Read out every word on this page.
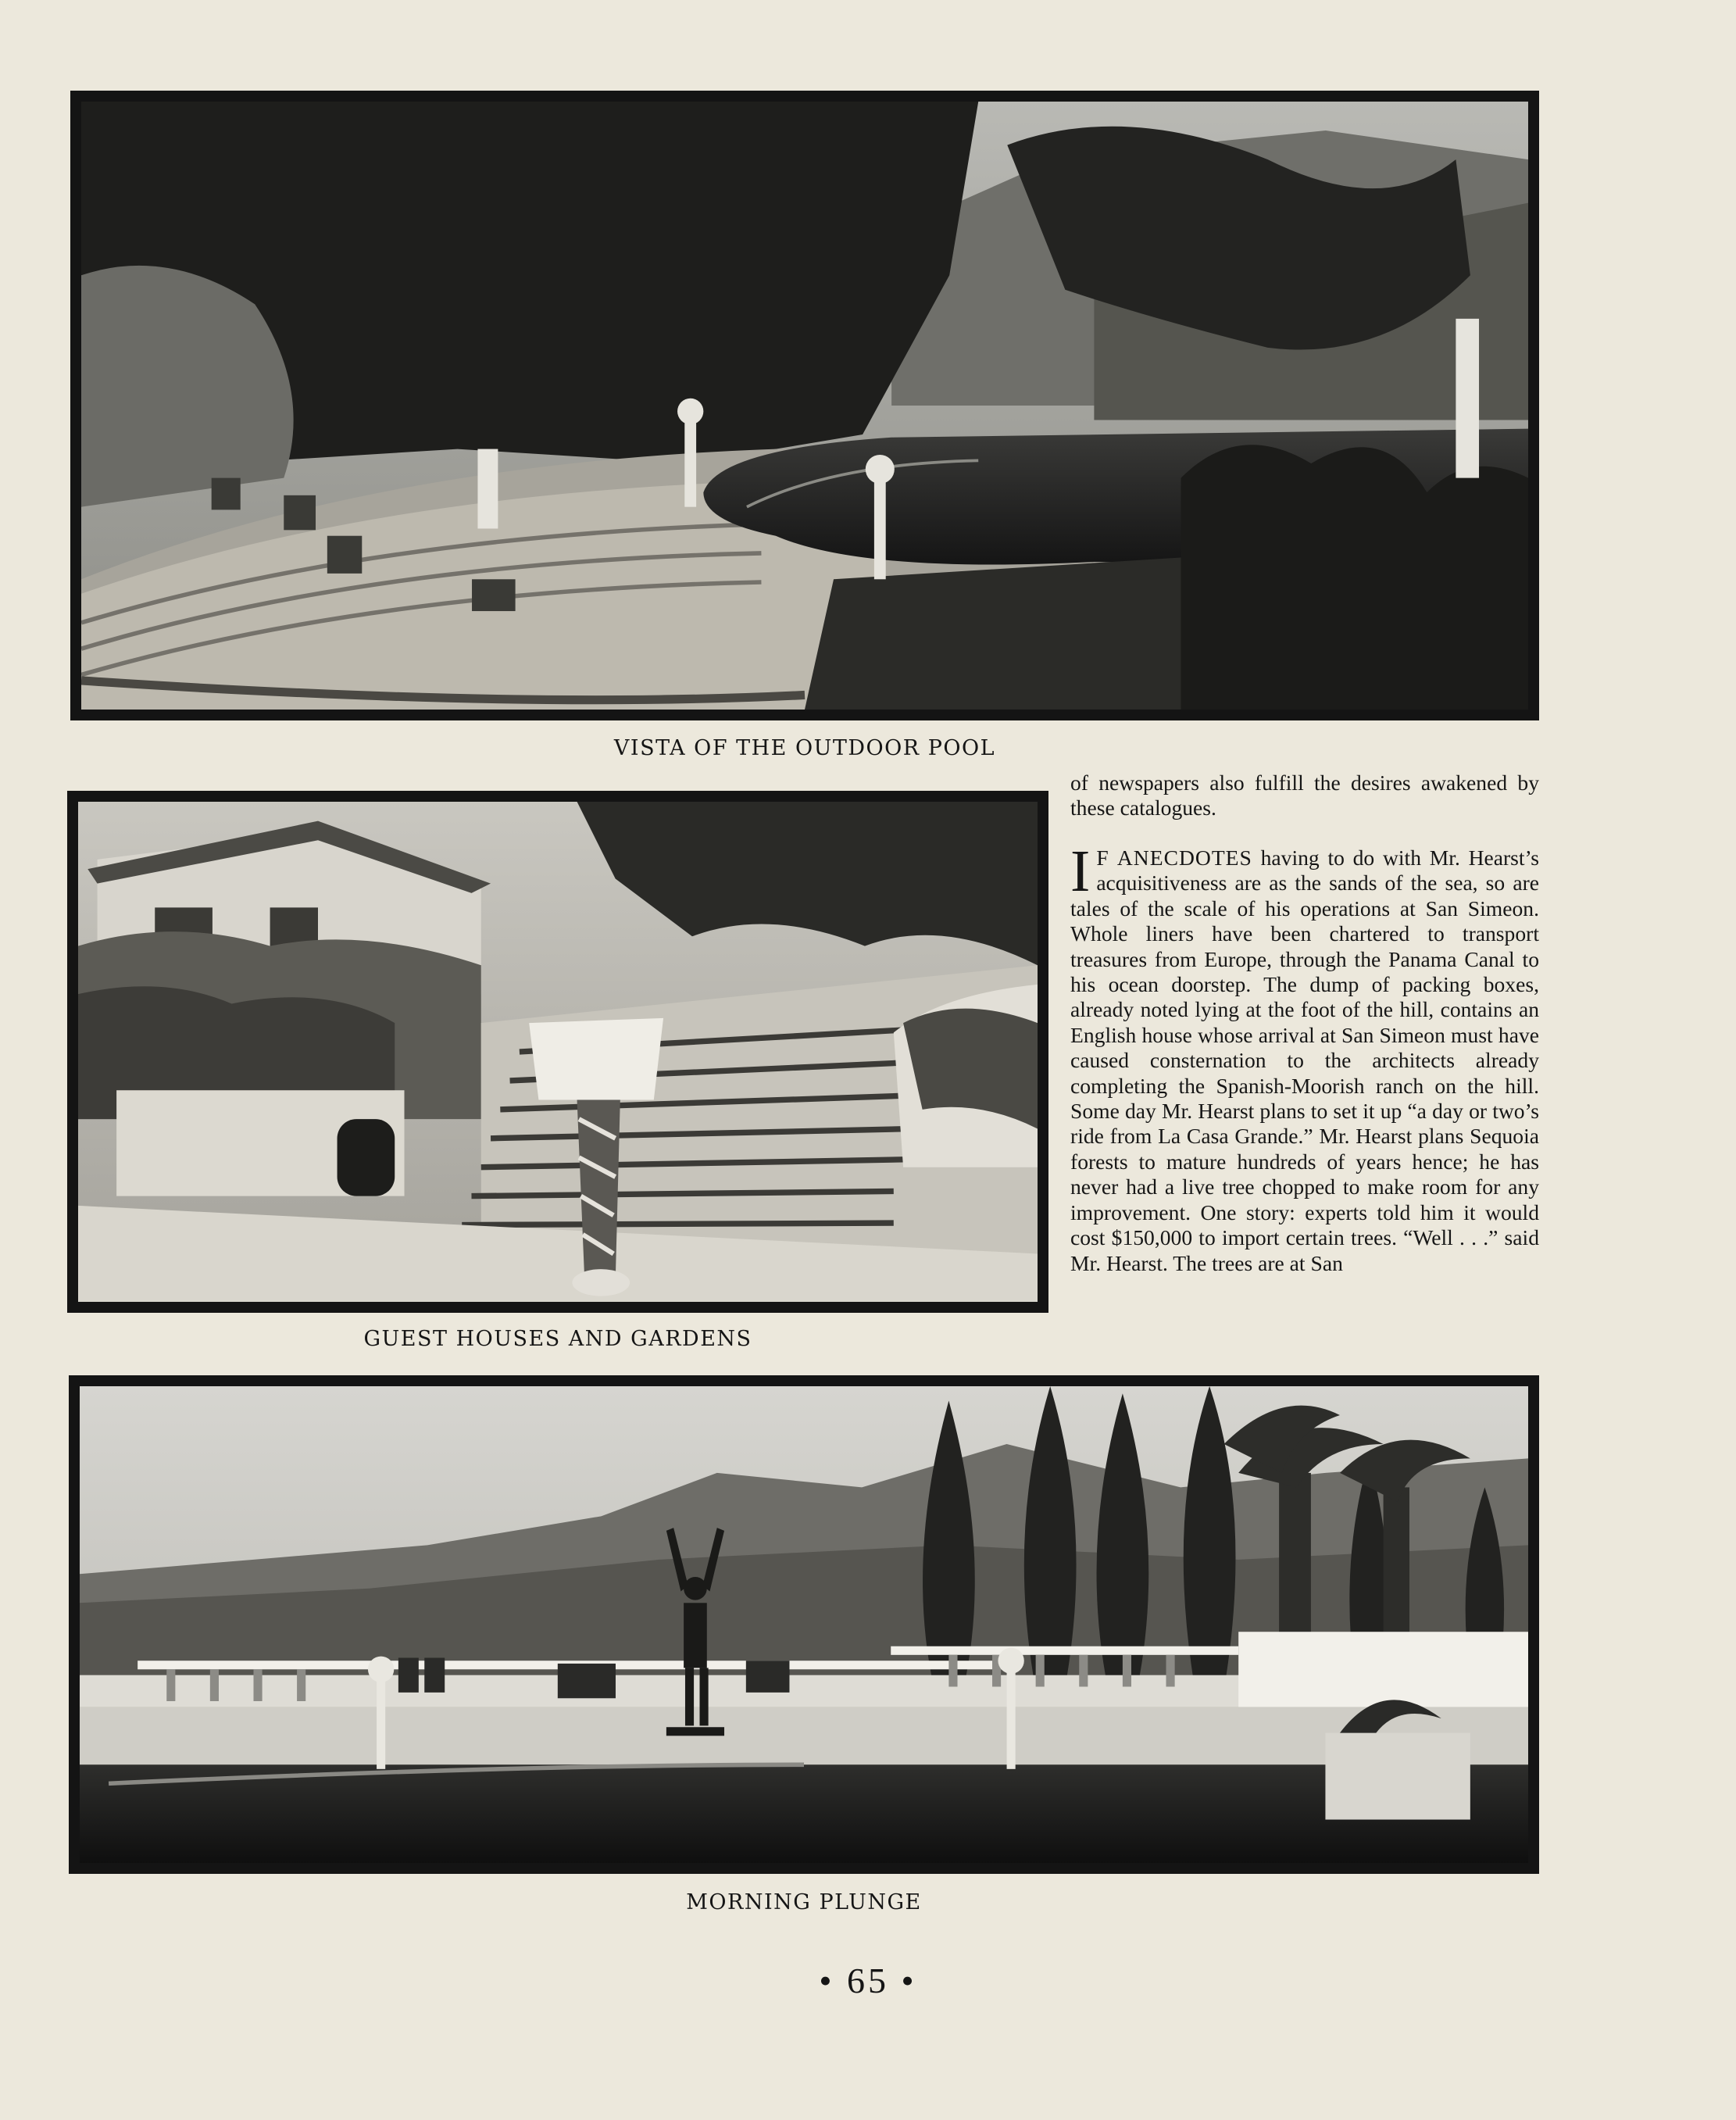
VISTA OF THE OUTDOOR POOL
GUEST HOUSES AND GARDENS

of newspapers also fulfill the desires awakened by these catalogues.

I F ANECDOTES having to do with Mr. Hearst’s acquisitiveness are as the sands of the sea, so are tales of the scale of his operations at San Simeon. Whole liners have been chartered to transport treasures from Europe, through the Panama Canal to his ocean doorstep. The dump of packing boxes, already noted lying at the foot of the hill, contains an English house whose arrival at San Simeon must have caused consternation to the architects already completing the Spanish-Moorish ranch on the hill. Some day Mr. Hearst plans to set it up “a day or two’s ride from La Casa Grande.” Mr. Hearst plans Sequoia forests to mature hundreds of years hence; he has never had a live tree chopped to make room for any improvement. One story: experts told him it would cost $150,000 to import certain trees. “Well . . .” said Mr. Hearst. The trees are at San

MORNING PLUNGE
• 65 •
